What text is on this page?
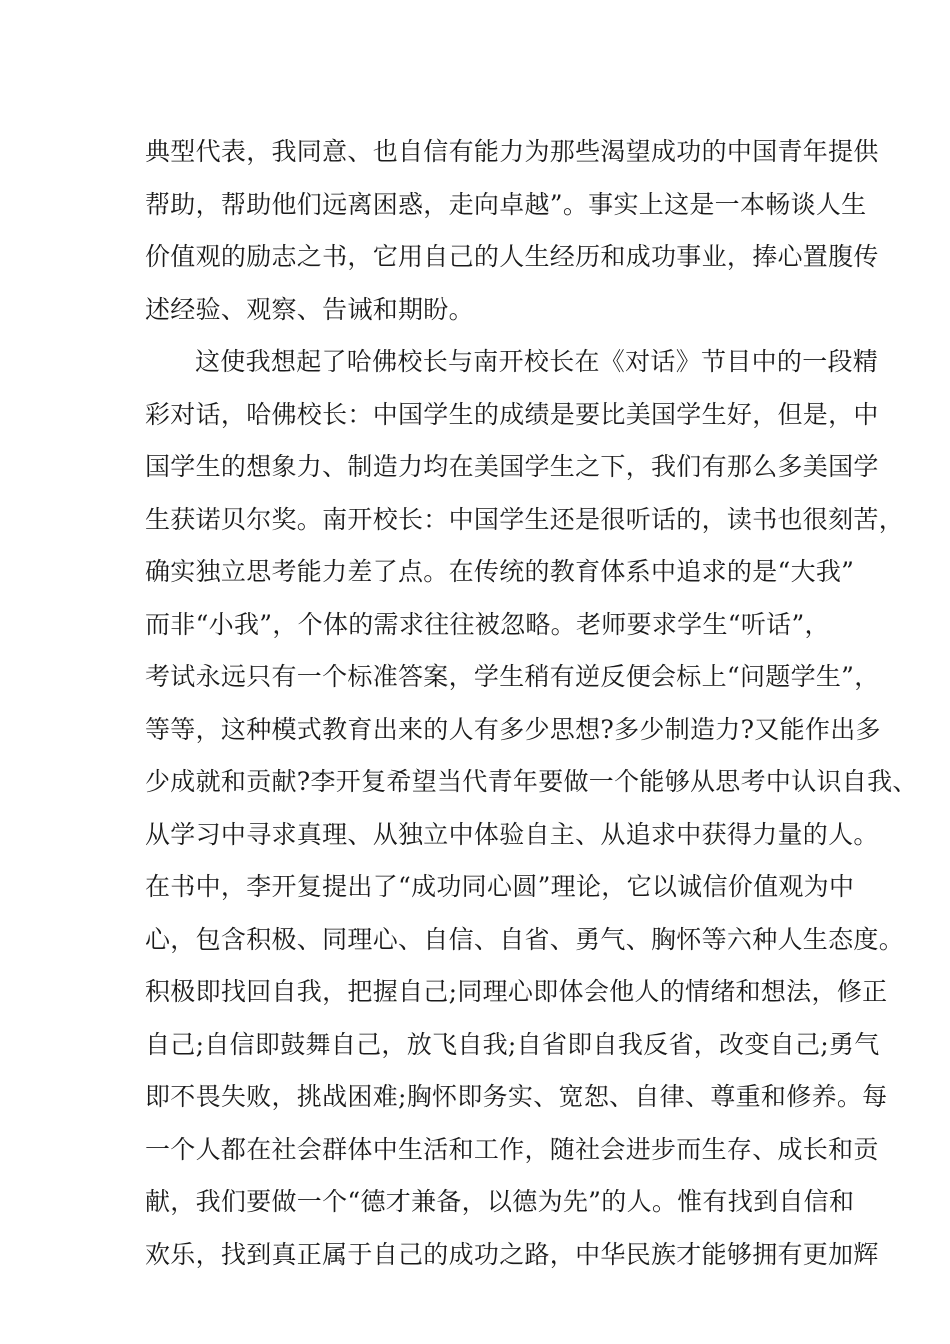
典型代表，我同意、也自信有能力为那些渴望成功的中国青年提供
帮助，帮助他们远离困惑，走向卓越”。事实上这是一本畅谈人生
价值观的励志之书，它用自己的人生经历和成功事业，捧心置腹传
述经验、观察、告诫和期盼。
这使我想起了哈佛校长与南开校长在《对话》节目中的一段精
彩对话，哈佛校长：中国学生的成绩是要比美国学生好，但是，中
国学生的想象力、制造力均在美国学生之下，我们有那么多美国学
生获诺贝尔奖。南开校长：中国学生还是很听话的，读书也很刻苦，
确实独立思考能力差了点。在传统的教育体系中追求的是“大我”
而非“小我”，个体的需求往往被忽略。老师要求学生“听话”，
考试永远只有一个标准答案，学生稍有逆反便会标上“问题学生”，
等等，这种模式教育出来的人有多少思想?多少制造力?又能作出多
少成就和贡献?李开复希望当代青年要做一个能够从思考中认识自我、
从学习中寻求真理、从独立中体验自主、从追求中获得力量的人。
在书中，李开复提出了“成功同心圆”理论，它以诚信价值观为中
心，包含积极、同理心、自信、自省、勇气、胸怀等六种人生态度。
积极即找回自我，把握自己;同理心即体会他人的情绪和想法，修正
自己;自信即鼓舞自己，放飞自我;自省即自我反省，改变自己;勇气
即不畏失败，挑战困难;胸怀即务实、宽恕、自律、尊重和修养。每
一个人都在社会群体中生活和工作，随社会进步而生存、成长和贡
献，我们要做一个“德才兼备，以德为先”的人。惟有找到自信和
欢乐，找到真正属于自己的成功之路，中华民族才能够拥有更加辉
